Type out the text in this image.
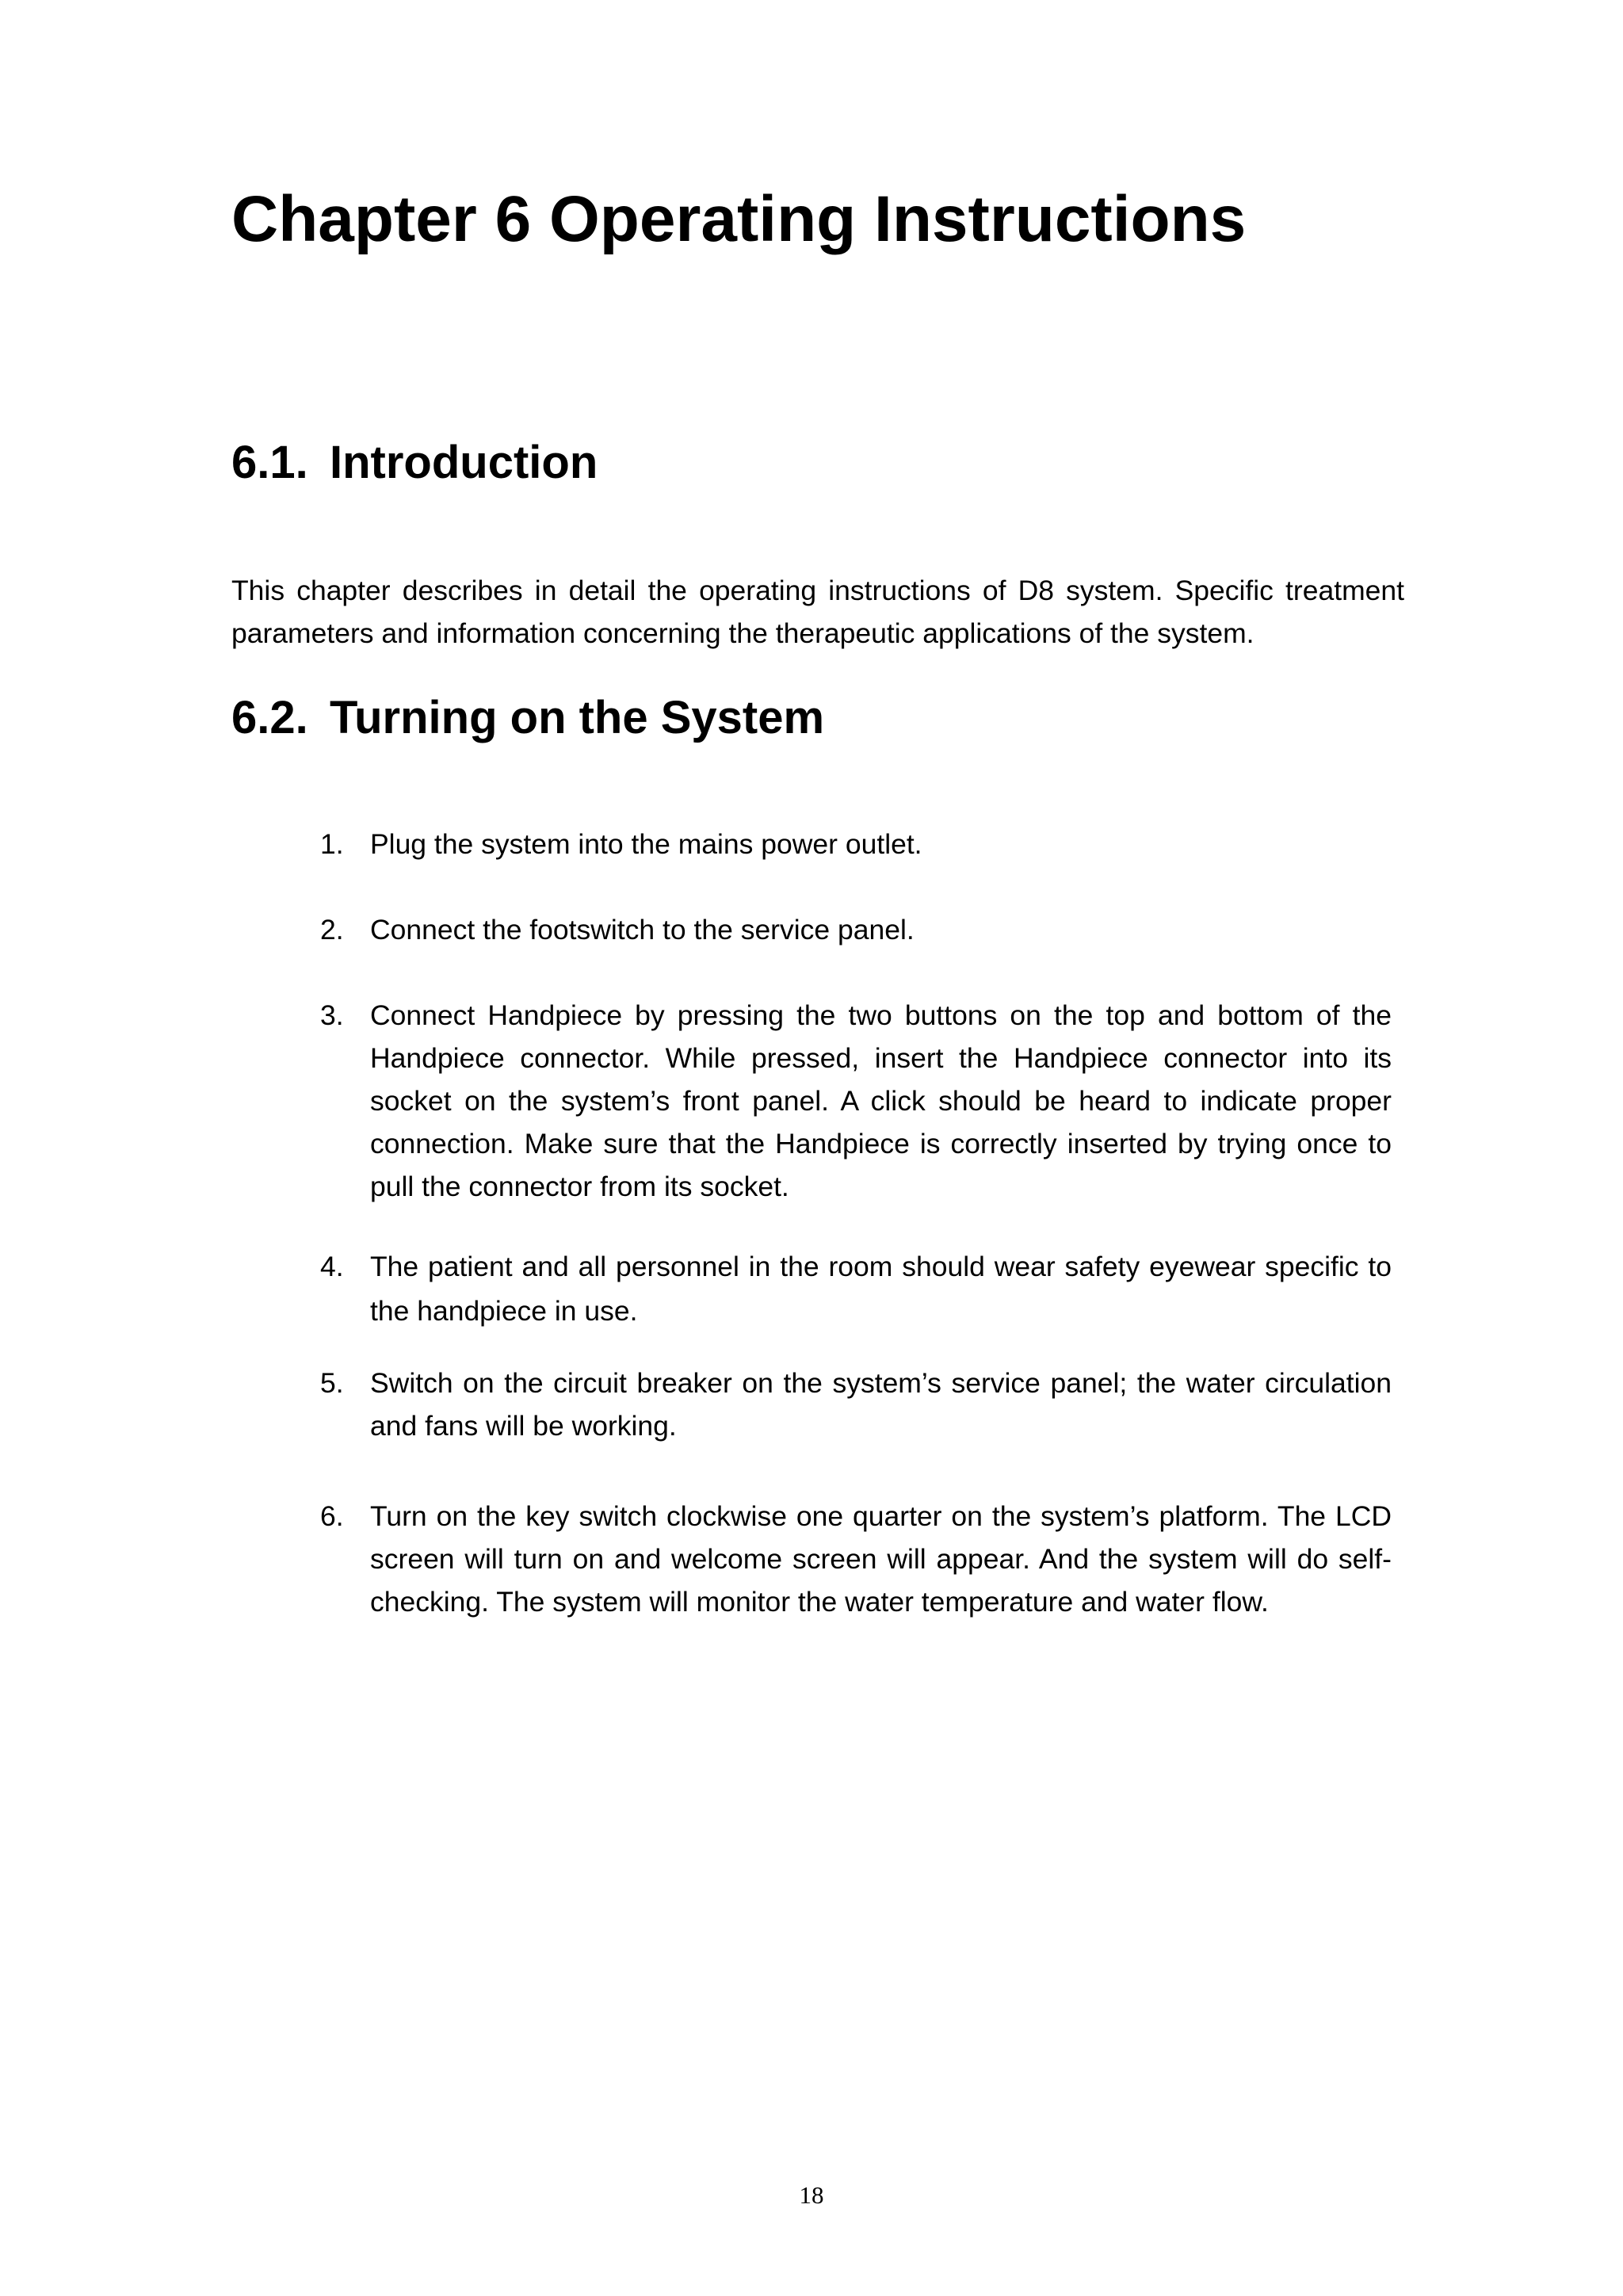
Chapter 6 Operating Instructions
6.1. Introduction

This chapter describes in detail the operating instructions of D8 system. Specific treatment parameters and information concerning the therapeutic applications of the system.

6.2. Turning on the System
1. Plug the system into the mains power outlet.
2. Connect the footswitch to the service panel.
3. Connect Handpiece by pressing the two buttons on the top and bottom of the Handpiece connector. While pressed, insert the Handpiece connector into its socket on the system’s front panel. A click should be heard to indicate proper connection. Make sure that the Handpiece is correctly inserted by trying once to pull the connector from its socket.
4. The patient and all personnel in the room should wear safety eyewear specific to the handpiece in use.
5. Switch on the circuit breaker on the system’s service panel; the water circulation and fans will be working.
6. Turn on the key switch clockwise one quarter on the system’s platform. The LCD screen will turn on and welcome screen will appear. And the system will do self-checking. The system will monitor the water temperature and water flow.
18
